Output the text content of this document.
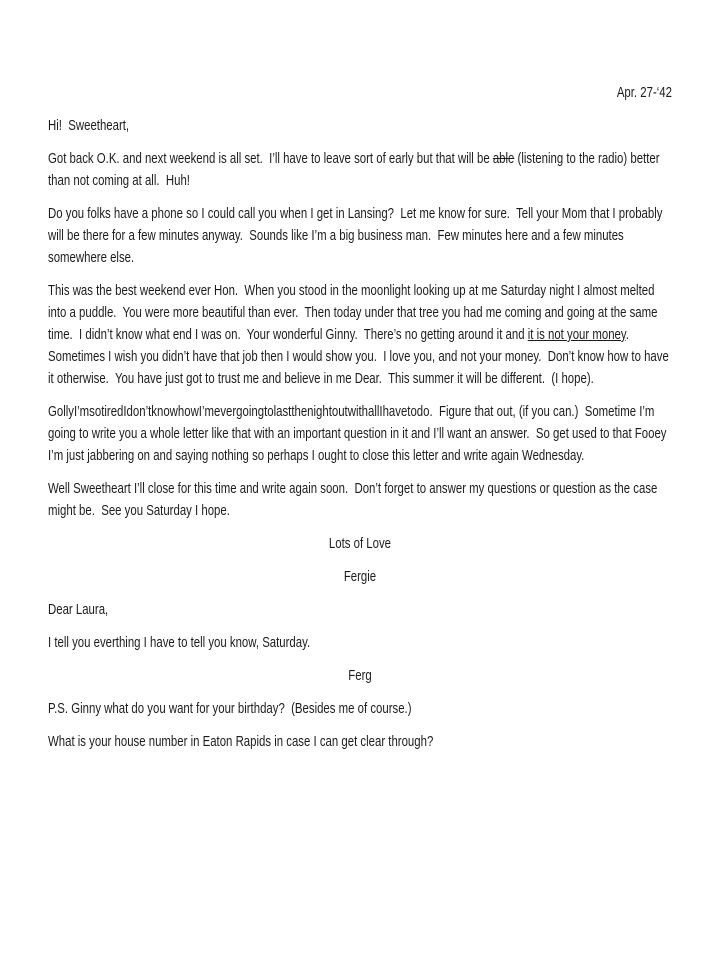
Apr. 27-‘42

Hi!  Sweetheart,

Got back O.K. and next weekend is all set.  I’ll have to leave sort of early but that will be able (listening to the radio) better than not coming at all.  Huh!

Do you folks have a phone so I could call you when I get in Lansing?  Let me know for sure.  Tell your Mom that I probably will be there for a few minutes anyway.  Sounds like I’m a big business man.  Few minutes here and a few minutes somewhere else.

This was the best weekend ever Hon.  When you stood in the moonlight looking up at me Saturday night I almost melted into a puddle.  You were more beautiful than ever.  Then today under that tree you had me coming and going at the same time.  I didn’t know what end I was on.  Your wonderful Ginny.  There’s no getting around it and it is not your money.  Sometimes I wish you didn’t have that job then I would show you.  I love you, and not your money.  Don’t know how to have it otherwise.  You have just got to trust me and believe in me Dear.  This summer it will be different.  (I hope).

GollyI’msotiredIdon’tknowhowI’mevergoingtolastthenightoutwithallIhavetodo.  Figure that out, (if you can.)  Sometime I’m going to write you a whole letter like that with an important question in it and I’ll want an answer.  So get used to that Fooey I’m just jabbering on and saying nothing so perhaps I ought to close this letter and write again Wednesday.

Well Sweetheart I’ll close for this time and write again soon.  Don’t forget to answer my questions or question as the case might be.  See you Saturday I hope.

Lots of Love

Fergie

Dear Laura,

I tell you everthing I have to tell you know, Saturday.

Ferg

P.S. Ginny what do you want for your birthday?  (Besides me of course.)

What is your house number in Eaton Rapids in case I can get clear through?
